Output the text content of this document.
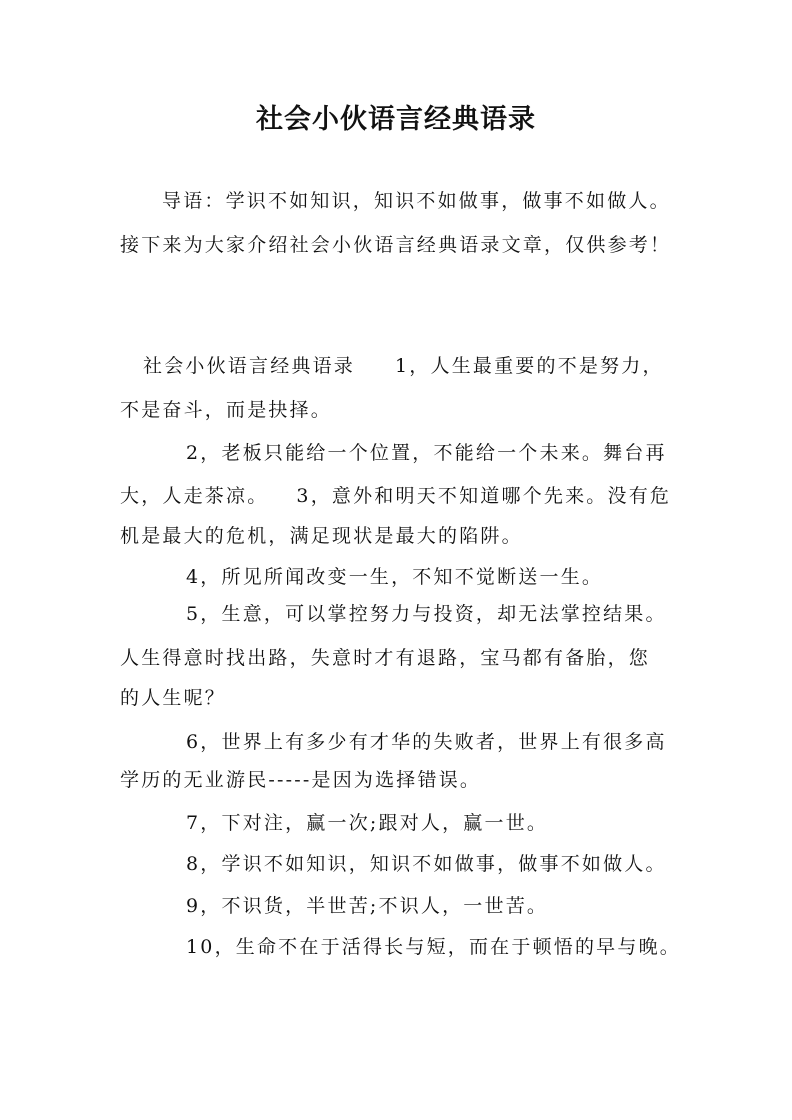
社会小伙语言经典语录

导语：学识不如知识，知识不如做事，做事不如做人。

接下来为大家介绍社会小伙语言经典语录文章，仅供参考！

社会小伙语言经典语录 1，人生最重要的不是努力，

不是奋斗，而是抉择。

2，老板只能给一个位置，不能给一个未来。舞台再

大，人走茶凉。 3，意外和明天不知道哪个先来。没有危

机是最大的危机，满足现状是最大的陷阱。

4，所见所闻改变一生，不知不觉断送一生。

5，生意，可以掌控努力与投资，却无法掌控结果。

人生得意时找出路，失意时才有退路，宝马都有备胎，您

的人生呢？

6，世界上有多少有才华的失败者，世界上有很多高

学历的无业游民-----是因为选择错误。

7，下对注，赢一次;跟对人，赢一世。

8，学识不如知识，知识不如做事，做事不如做人。

9，不识货，半世苦;不识人，一世苦。

10，生命不在于活得长与短，而在于顿悟的早与晚。
